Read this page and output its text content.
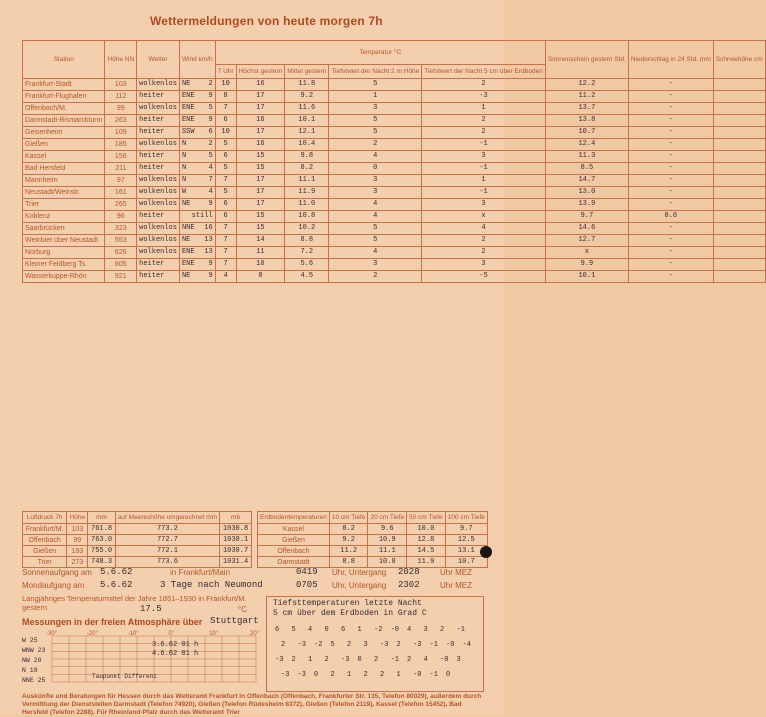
Wettermeldungen von heute morgen 7h
Station	Höhe NN	Wetter	Wind km/h	Temperatur °C					Sonnenschein gestern Std.	Niederschlag in 24 Std. mm	Schneehöhe cm
				7 Uhr	Höchst gestern	Mittel gestern	Tiefstwert der Nacht 2 m Höhe	Tiefstwert der Nacht 5 cm über Erdboden			
Frankfurt-Stadt	103	wolkenlos	NE 2	10	16	11.8	5	2	12.2	-	
Frankfurt-Flughafen	112	heiter	ENE 9	8	17	9.2	1	-3	11.2	-	
Offenbach/M.	99	wolkenlos	ENE 5	7	17	11.6	3	1	13.7	-	
Darmstadt-Bismarckturm	263	heiter	ENE 9	6	16	10.1	5	2	13.8	-	
Geisenheim	109	heiter	SSW 6	10	17	12.1	5	2	10.7	-	
Gießen	185	wolkenlos	N 2	5	16	10.4	2	-1	12.4	-	
Kassel	158	heiter	N 5	6	15	9.8	4	3	11.3	-	
Bad Hersfeld	211	heiter	N 4	5	15	8.2	0	-1	8.5	-	
Mannheim	97	wolkenlos	N 7	7	17	11.1	3	1	14.7	-	
Neustadt/Weinstr.	161	wolkenlos	W 4	5	17	11.9	3	-1	13.0	-	
Trier	265	wolkenlos	NE 9	6	17	11.0	4	3	13.9	-	
Koblenz	96	heiter	still	6	15	10.8	4	x	9.7	0.0	
Saarbrücken	323	wolkenlos	NNE 16	7	15	10.2	5	4	14.6	-	
Weinbiet über Neustadt	553	wolkenlos	NE 13	7	14	8.8	5	2	12.7	-	
Nürburg	626	wolkenlos	ENE 13	7	11	7.2	4	2	x	-	
Kleiner Feldberg Ts.	805	heiter	ENE 9	7	10	5.6	3	3	9.9	-	
Wasserkuppe-Rhön	921	heiter	NE 9	4	8	4.5	2	-5	10.1	-	
Luftdruck 7h	Höhe	mm	auf Meereshöhe umgerechnet mm	mb
Frankfurt/M.	103	761.8	773.2	1030.8
Offenbach	99	763.0	772.7	1030.1
Gießen	193	755.0	772.1	1030.7
Trier	273	748.3	773.6	1031.4
Erdbodentemperaturen	10 cm Tiefe	20 cm Tiefe	50 cm Tiefe	100 cm Tiefe
Kassel	8.2	9.6	10.0	9.7
Gießen	9.2	10.9	12.8	12.5
Offenbach	11.2	11.1	14.5	13.1
Darmstadt	8.8	10.8	11.9	10.7
Sonnenaufgang am 5.6.62	in Frankfurt/Main	0419 Uhr, Untergang 2028	Uhr MEZ
Mondaufgang am 5.6.62	3 Tage nach Neumond	0705 Uhr, Untergang 2302	Uhr MEZ
Langjähriges Temperaturmittel der Jahre 1851–1930 in Frankfurt/M. gestern	17.5	°C
Messungen in der freien Atmosphäre über Stuttgart
-30°	-20°	-10°	0°	10°	20°
3.6.62 01 h
4.6.62 01 h
W 25
WNW 23
NW 20
N 18
NNE 25
Taupunkt Differenz
Tiefsttemperaturen letzte Nacht
5 cm über dem Erdboden in Grad C
6 5 4 0 6 1 -2 -0 4 3 2 -1
2 -3 -2 5 2 3 -3 2 -3 -1 -0 -4
-3 2 1 2 -3 0 2 -1 2 4 -0 3
-3 -3 0 2 1 2 2 1 -0 -1 0
Auskünfte und Beratungen für Hessen durch das Wetteramt Frankfurt in Offenbach (Offenbach, Frankfurter Str. 135, Telefon 80029), außerdem durch Vermittlung der Dienststellen Darmstadt (Telefon 74920), Gießen (Telefon Rüdesheim 8372), Gießen (Telefon 2119), Kassel (Telefon 15452), Bad Hersfeld (Telefon 2288). Für Rheinland-Pfalz durch das Wetteramt Trier
